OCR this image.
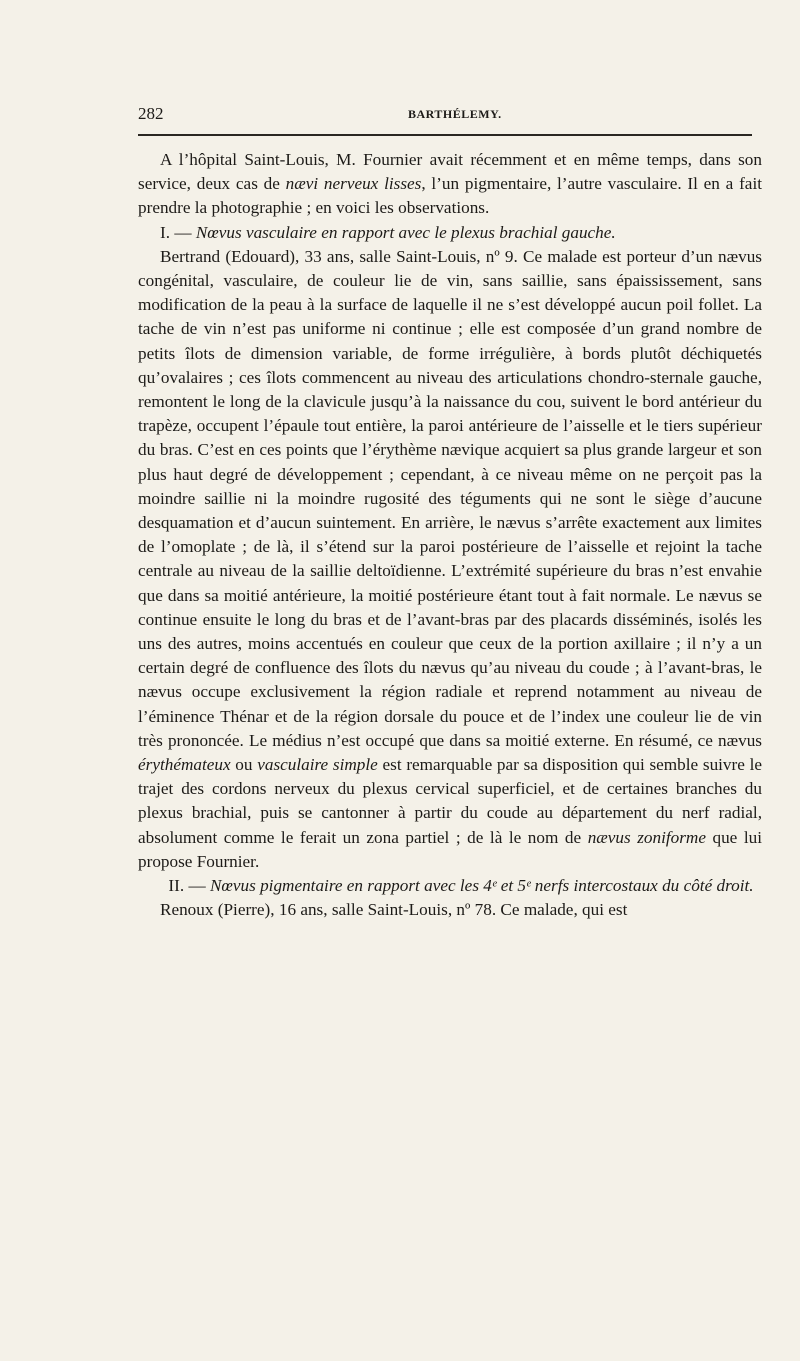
282	BARTHÉLEMY.

A l’hôpital Saint-Louis, M. Fournier avait récemment et en même temps, dans son service, deux cas de nævi nerveux lisses, l’un pigmentaire, l’autre vasculaire. Il en a fait prendre la photographie ; en voici les observations.

I. — Nœvus vasculaire en rapport avec le plexus brachial gauche.

Bertrand (Edouard), 33 ans, salle Saint-Louis, nº 9. Ce malade est porteur d’un nævus congénital, vasculaire, de couleur lie de vin, sans saillie, sans épaississement, sans modification de la peau à la surface de laquelle il ne s’est développé aucun poil follet. La tache de vin n’est pas uniforme ni continue ; elle est composée d’un grand nombre de petits îlots de dimension variable, de forme irrégulière, à bords plutôt déchiquetés qu’ovalaires ; ces îlots commencent au niveau des articulations chondro-sternale gauche, remontent le long de la clavicule jusqu’à la naissance du cou, suivent le bord antérieur du trapèze, occupent l’épaule tout entière, la paroi antérieure de l’aisselle et le tiers supérieur du bras. C’est en ces points que l’érythème nævique acquiert sa plus grande largeur et son plus haut degré de développement ; cependant, à ce niveau même on ne perçoit pas la moindre saillie ni la moindre rugosité des téguments qui ne sont le siège d’aucune desquamation et d’aucun suintement. En arrière, le nævus s’arrête exactement aux limites de l’omoplate ; de là, il s’étend sur la paroi postérieure de l’aisselle et rejoint la tache centrale au niveau de la saillie deltoïdienne. L’extrémité supérieure du bras n’est envahie que dans sa moitié antérieure, la moitié postérieure étant tout à fait normale. Le nævus se continue ensuite le long du bras et de l’avant-bras par des placards disséminés, isolés les uns des autres, moins accentués en couleur que ceux de la portion axillaire ; il n’y a un certain degré de confluence des îlots du nævus qu’au niveau du coude ; à l’avant-bras, le nævus occupe exclusivement la région radiale et reprend notamment au niveau de l’éminence Thénar et de la région dorsale du pouce et de l’index une couleur lie de vin très prononcée. Le médius n’est occupé que dans sa moitié externe. En résumé, ce nævus érythémateux ou vasculaire simple est remarquable par sa disposition qui semble suivre le trajet des cordons nerveux du plexus cervical superficiel, et de certaines branches du plexus brachial, puis se cantonner à partir du coude au département du nerf radial, absolument comme le ferait un zona partiel ; de là le nom de nævus zoniforme que lui propose Fournier.

II. — Nœvus pigmentaire en rapport avec les 4ᵉ et 5ᵉ nerfs intercostaux du côté droit.

Renoux (Pierre), 16 ans, salle Saint-Louis, nº 78. Ce malade, qui est
